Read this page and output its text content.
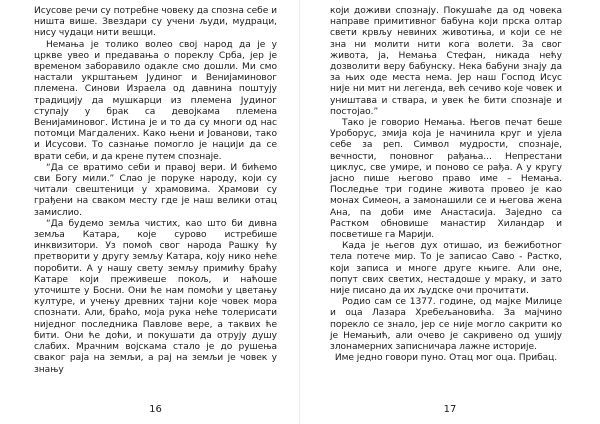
Исусове речи су потребне човеку да спозна себе и ништа више. Звездари су учени људи, мудраци, нису чудаци нити вешци.

Немања је толико волео свој народ да је у црквe увео и предавања о пореклу Срба, јер је временом заборавило одакле смо дошли. Ми смо настали укрштањем Јудиног и Венијаминовог племена. Синови Израела од давнина поштују традицију да мушкарци из племена Јудиног ступају у брак са девојкама племена Венијаминовог. Истина је и то да су многи од нас потомци Магдалених. Како њени и Јованови, тако и Исусови. То сазнање помогло је нацији да се врати себи, и да крене путем спознаје.

“Да се вратимо себи и правој вери. И бићемо сви Богу мили.” Слао је поруке народу, који су читали свештеници у храмовима. Храмови су грађени на сваком месту где је наш велики отац замислио.

“Да будемо земља чистих, као што би дивна земља Катара, које сурово истребише инквизитори. Уз помоћ свог народа Рашку ћу претворити у другу земљу Катара, коју нико неће поробити. А у нашу свету земљу примићу браћу Катаре који преживеше покољ, и наћоше уточиште у Босни. Они ће нам помоћи у цветању културе, и учењу древних тајни које човек мора спознати. Али, браћо, моја рука неће толерисати ниједног последника Павлове вере, а таквих ће бити. Они ће доћи, и покушати да отрују душу слабих. Мрачним војскама стало је до рушења сваког раја на земљи, а рај на земљи је човек у знању

16

који доживи спознају. Покушаће да од човека направе примитивног бабуна који прска олтар свети крвљу невиних животиња, и који се не зна ни молити нити кога волети. За свог живота, ја, Немања Стефан, никада нећу дозволити веру бабунску. Нека бабуни знају да за њих оде места нема. Јер наш Господ Исус није ни мит ни легенда, већ сечиво које човек и уништава и ствара, и увек ће бити спознаје и постојао.”

Тако је говорио Немања. Његов печат беше Уроборус, змија која је начинила круг и ујела себе за реп. Символ мудрости, спознаје, вечности, поновног рађања... Непрестани циклус, све умире, и поново се рађа. А у кругу јасно пише његово право име – Немања. Последње три године живота провео је као монах Симеон, а замонашили се и његова жена Ана, па доби име Анастасија. Заједно са Растком обновише манастир Хиландар и посветише га Марији.

Када је његов дух отишао, из бежиботног тела потече мир. То је записао Саво - Растко, који записа и многе друге књиге. Али оне, попут свих светих, нестадоше у мраку, и зато није писано да их људске очи прочитати.

Родио сам се 1377. године, од мајке Милице и оца Лазара Хребељановића. За мајчино порекло се знало, јер се није могло сакрити ко је Немањић, али очево је сакривено од ушију злонамерних записничара лажне историје.

Име једно говори пуно. Отац мог оца. Прибац.

17
